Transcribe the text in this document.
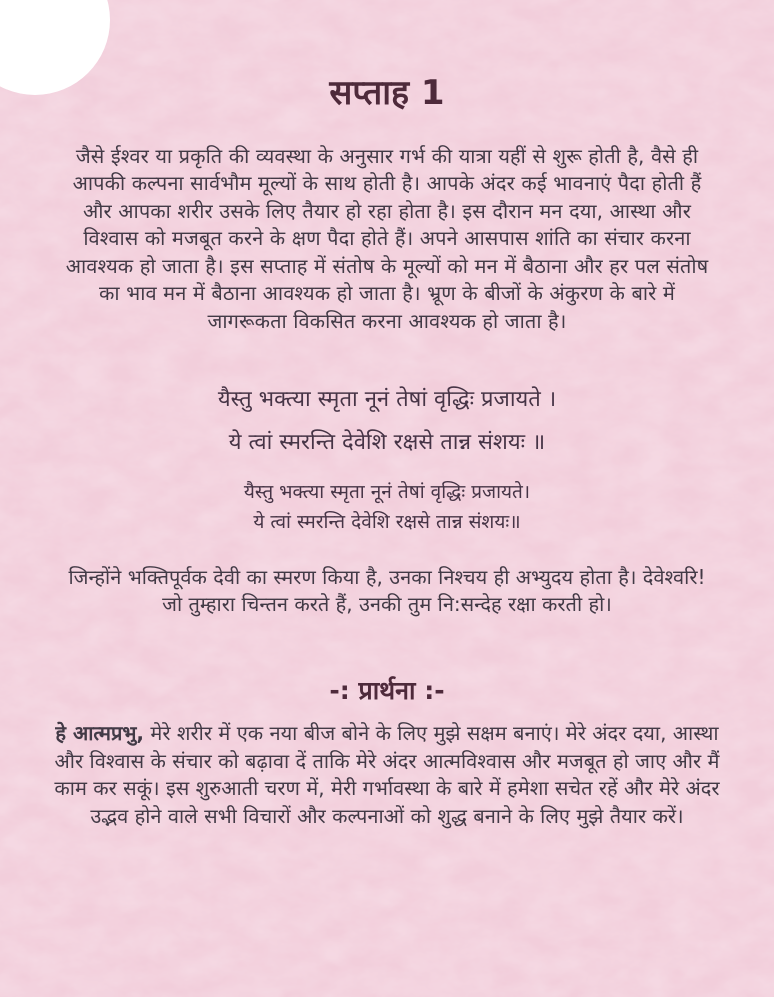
सप्ताह 1

जैसे ईश्वर या प्रकृति की व्यवस्था के अनुसार गर्भ की यात्रा यहीं से शुरू होती है, वैसे ही आपकी कल्पना सार्वभौम मूल्यों के साथ होती है। आपके अंदर कई भावनाएं पैदा होती हैं और आपका शरीर उसके लिए तैयार हो रहा होता है। इस दौरान मन दया, आस्था और विश्वास को मजबूत करने के क्षण पैदा होते हैं। अपने आसपास शांति का संचार करना आवश्यक हो जाता है। इस सप्ताह में संतोष के मूल्यों को मन में बैठाना और हर पल संतोष का भाव मन में बैठाना आवश्यक हो जाता है। भ्रूण के बीजों के अंकुरण के बारे में जागरूकता विकसित करना आवश्यक हो जाता है।

यैस्तु भक्त्या स्मृता नूनं तेषां वृद्धिः प्रजायते ।

ये त्वां स्मरन्ति देवेशि रक्षसे तान्न संशयः ॥

यैस्तु भक्त्या स्मृता नूनं तेषां वृद्धिः प्रजायते।

ये त्वां स्मरन्ति देवेशि रक्षसे तान्न संशयः॥

जिन्होंने भक्तिपूर्वक देवी का स्मरण किया है, उनका निश्चय ही अभ्युदय होता है। देवेश्वरि! जो तुम्हारा चिन्तन करते हैं, उनकी तुम नि:सन्देह रक्षा करती हो।

-: प्रार्थना :-

हे आत्मप्रभु, मेरे शरीर में एक नया बीज बोने के लिए मुझे सक्षम बनाएं। मेरे अंदर दया, आस्था और विश्वास के संचार को बढ़ावा दें ताकि मेरे अंदर आत्मविश्वास और मजबूत हो जाए और मैं काम कर सकूं। इस शुरुआती चरण में, मेरी गर्भावस्था के बारे में हमेशा सचेत रहें और मेरे अंदर उद्भव होने वाले सभी विचारों और कल्पनाओं को शुद्ध बनाने के लिए मुझे तैयार करें।
